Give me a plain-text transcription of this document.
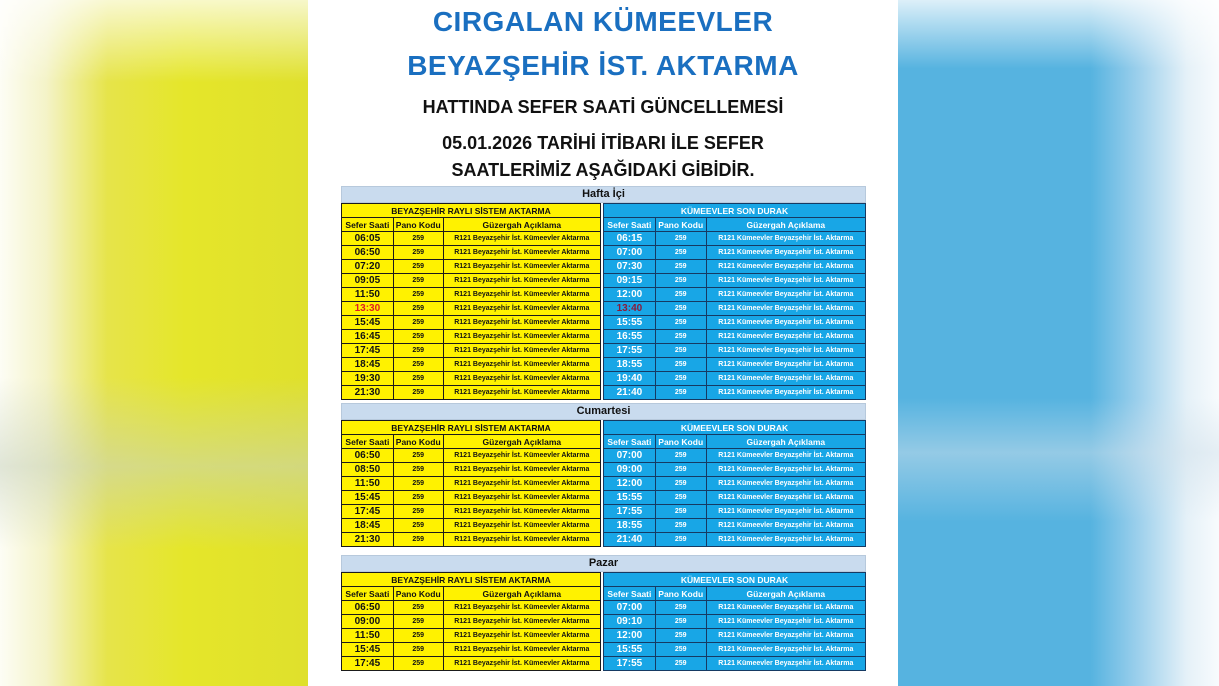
CIRGALAN KÜMEEVLER
BEYAZŞEHİR İST. AKTARMA
HATTINDA SEFER SAATİ GÜNCELLEMESİ
05.01.2026 TARİHİ İTİBARI İLE SEFER
SAATLERİMİZ AŞAĞIDAKİ GİBİDİR.
Hafta İçi
BEYAZŞEHİR RAYLI SİSTEM AKTARMA		
Sefer Saati	Pano Kodu	Güzergah Açıklama
06:05	259	R121 Beyazşehir İst. Kümeevler Aktarma
06:50	259	R121 Beyazşehir İst. Kümeevler Aktarma
07:20	259	R121 Beyazşehir İst. Kümeevler Aktarma
09:05	259	R121 Beyazşehir İst. Kümeevler Aktarma
11:50	259	R121 Beyazşehir İst. Kümeevler Aktarma
13:30	259	R121 Beyazşehir İst. Kümeevler Aktarma
15:45	259	R121 Beyazşehir İst. Kümeevler Aktarma
16:45	259	R121 Beyazşehir İst. Kümeevler Aktarma
17:45	259	R121 Beyazşehir İst. Kümeevler Aktarma
18:45	259	R121 Beyazşehir İst. Kümeevler Aktarma
19:30	259	R121 Beyazşehir İst. Kümeevler Aktarma
21:30	259	R121 Beyazşehir İst. Kümeevler Aktarma
KÜMEEVLER SON DURAK		
Sefer Saati	Pano Kodu	Güzergah Açıklama
06:15	259	R121 Kümeevler Beyazşehir İst. Aktarma
07:00	259	R121 Kümeevler Beyazşehir İst. Aktarma
07:30	259	R121 Kümeevler Beyazşehir İst. Aktarma
09:15	259	R121 Kümeevler Beyazşehir İst. Aktarma
12:00	259	R121 Kümeevler Beyazşehir İst. Aktarma
13:40	259	R121 Kümeevler Beyazşehir İst. Aktarma
15:55	259	R121 Kümeevler Beyazşehir İst. Aktarma
16:55	259	R121 Kümeevler Beyazşehir İst. Aktarma
17:55	259	R121 Kümeevler Beyazşehir İst. Aktarma
18:55	259	R121 Kümeevler Beyazşehir İst. Aktarma
19:40	259	R121 Kümeevler Beyazşehir İst. Aktarma
21:40	259	R121 Kümeevler Beyazşehir İst. Aktarma
Cumartesi
BEYAZŞEHİR RAYLI SİSTEM AKTARMA		
Sefer Saati	Pano Kodu	Güzergah Açıklama
06:50	259	R121 Beyazşehir İst. Kümeevler Aktarma
08:50	259	R121 Beyazşehir İst. Kümeevler Aktarma
11:50	259	R121 Beyazşehir İst. Kümeevler Aktarma
15:45	259	R121 Beyazşehir İst. Kümeevler Aktarma
17:45	259	R121 Beyazşehir İst. Kümeevler Aktarma
18:45	259	R121 Beyazşehir İst. Kümeevler Aktarma
21:30	259	R121 Beyazşehir İst. Kümeevler Aktarma
KÜMEEVLER SON DURAK		
Sefer Saati	Pano Kodu	Güzergah Açıklama
07:00	259	R121 Kümeevler Beyazşehir İst. Aktarma
09:00	259	R121 Kümeevler Beyazşehir İst. Aktarma
12:00	259	R121 Kümeevler Beyazşehir İst. Aktarma
15:55	259	R121 Kümeevler Beyazşehir İst. Aktarma
17:55	259	R121 Kümeevler Beyazşehir İst. Aktarma
18:55	259	R121 Kümeevler Beyazşehir İst. Aktarma
21:40	259	R121 Kümeevler Beyazşehir İst. Aktarma
Pazar
BEYAZŞEHİR RAYLI SİSTEM AKTARMA		
Sefer Saati	Pano Kodu	Güzergah Açıklama
06:50	259	R121 Beyazşehir İst. Kümeevler Aktarma
09:00	259	R121 Beyazşehir İst. Kümeevler Aktarma
11:50	259	R121 Beyazşehir İst. Kümeevler Aktarma
15:45	259	R121 Beyazşehir İst. Kümeevler Aktarma
17:45	259	R121 Beyazşehir İst. Kümeevler Aktarma
KÜMEEVLER SON DURAK		
Sefer Saati	Pano Kodu	Güzergah Açıklama
07:00	259	R121 Kümeevler Beyazşehir İst. Aktarma
09:10	259	R121 Kümeevler Beyazşehir İst. Aktarma
12:00	259	R121 Kümeevler Beyazşehir İst. Aktarma
15:55	259	R121 Kümeevler Beyazşehir İst. Aktarma
17:55	259	R121 Kümeevler Beyazşehir İst. Aktarma
